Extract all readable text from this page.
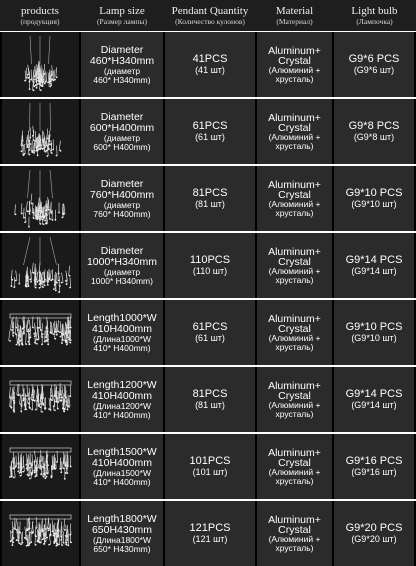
products
(продукция)
Lamp size
(Размер лампы)
Pendant Quantity
(Количество кулонов)
Material
(Материал)
Light bulb
(Лампочка)
Diameter
460*H340mm
(диаметр
460* H340mm)
41PCS
(41 шт)
Aluminum+
Crystal
(Алюминий +
хрусталь)
G9*6 PCS
(G9*6 шт)
Diameter
600*H400mm
(диаметр
600* H400mm)
61PCS
(61 шт)
Aluminum+
Crystal
(Алюминий +
хрусталь)
G9*8 PCS
(G9*8 шт)
Diameter
760*H400mm
(диаметр
760* H400mm)
81PCS
(81 шт)
Aluminum+
Crystal
(Алюминий +
хрусталь)
G9*10 PCS
(G9*10 шт)
Diameter
1000*H340mm
(диаметр
1000* H340mm)
110PCS
(110 шт)
Aluminum+
Crystal
(Алюминий +
хрусталь)
G9*14 PCS
(G9*14 шт)
Length1000*W
410H400mm
(Длина1000*W
410* H400mm)
61PCS
(61 шт)
Aluminum+
Crystal
(Алюминий +
хрусталь)
G9*10 PCS
(G9*10 шт)
Length1200*W
410H400mm
(Длина1200*W
410* H400mm)
81PCS
(81 шт)
Aluminum+
Crystal
(Алюминий +
хрусталь)
G9*14 PCS
(G9*14 шт)
Length1500*W
410H400mm
(Длина1500*W
410* H400mm)
101PCS
(101 шт)
Aluminum+
Crystal
(Алюминий +
хрусталь)
G9*16 PCS
(G9*16 шт)
Length1800*W
650H430mm
(Длина1800*W
650* H430mm)
121PCS
(121 шт)
Aluminum+
Crystal
(Алюминий +
хрусталь)
G9*20 PCS
(G9*20 шт)
